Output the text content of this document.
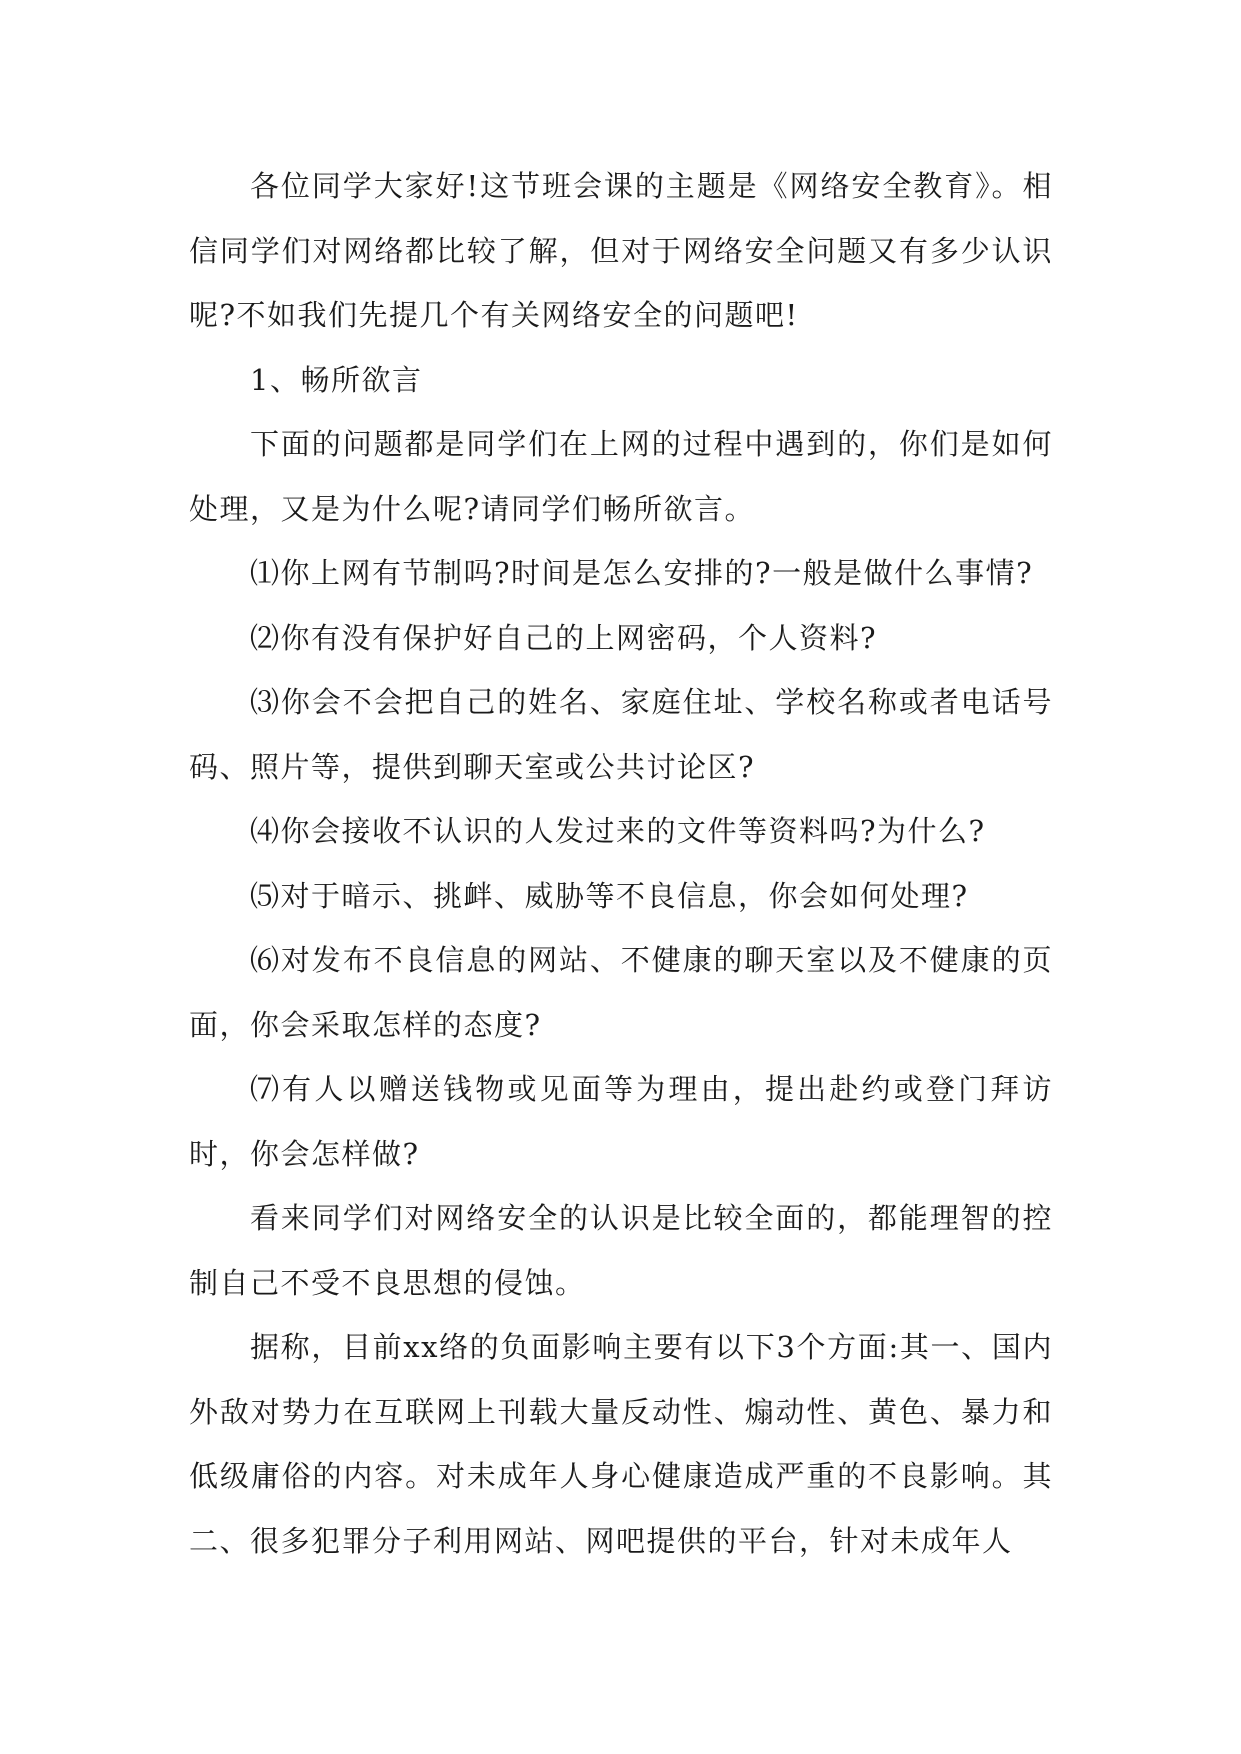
各位同学大家好!这节班会课的主题是《网络安全教育》。相信同学们对网络都比较了解，但对于网络安全问题又有多少认识呢?不如我们先提几个有关网络安全的问题吧!

1、畅所欲言

下面的问题都是同学们在上网的过程中遇到的，你们是如何处理，又是为什么呢?请同学们畅所欲言。

⑴你上网有节制吗?时间是怎么安排的?一般是做什么事情?

⑵你有没有保护好自己的上网密码，个人资料?

⑶你会不会把自己的姓名、家庭住址、学校名称或者电话号码、照片等，提供到聊天室或公共讨论区?

⑷你会接收不认识的人发过来的文件等资料吗?为什么?

⑸对于暗示、挑衅、威胁等不良信息，你会如何处理?

⑹对发布不良信息的网站、不健康的聊天室以及不健康的页面，你会采取怎样的态度?

⑺有人以赠送钱物或见面等为理由，提出赴约或登门拜访时，你会怎样做?

看来同学们对网络安全的认识是比较全面的，都能理智的控制自己不受不良思想的侵蚀。

据称，目前xx络的负面影响主要有以下3个方面:其一、国内外敌对势力在互联网上刊载大量反动性、煽动性、黄色、暴力和低级庸俗的内容。对未成年人身心健康造成严重的不良影响。其二、很多犯罪分子利用网站、网吧提供的平台，针对未成年人
